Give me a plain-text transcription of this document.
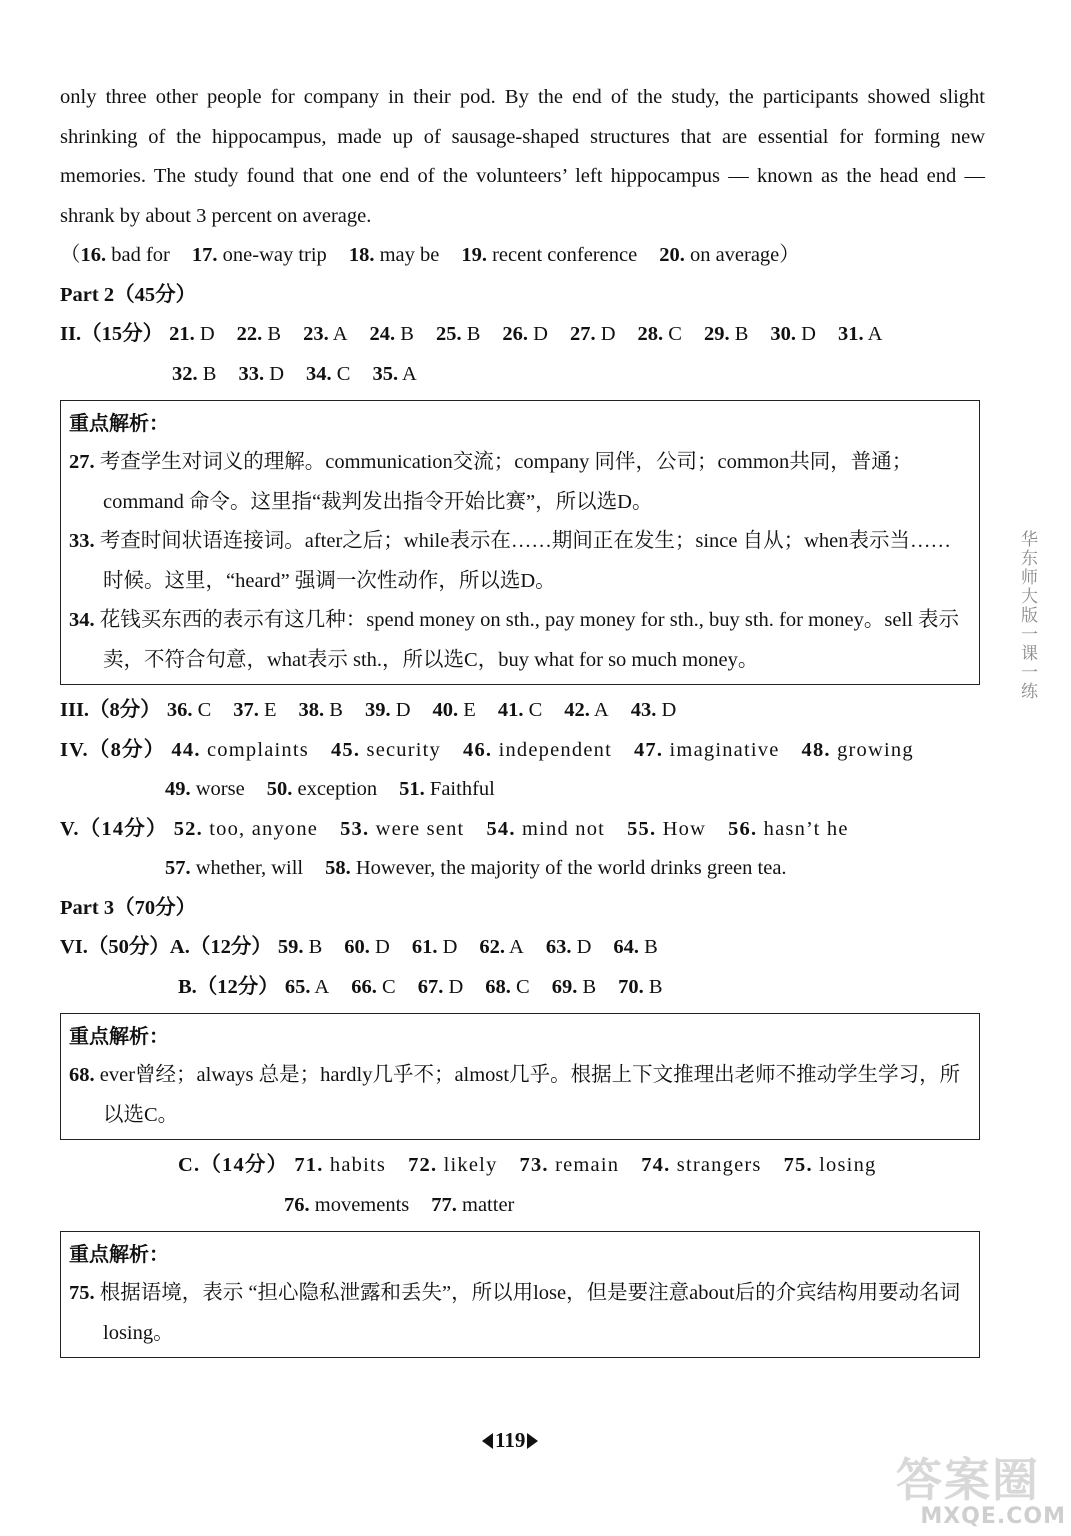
only three other people for company in their pod. By the end of the study, the participants showed slight shrinking of the hippocampus, made up of sausage-shaped structures that are essential for forming new memories. The study found that one end of the volunteers’ left hippocampus — known as the head end — shrank by about 3 percent on average.

（16. bad for 17. one-way trip 18. may be 19. recent conference 20. on average）

Part 2（45分）

II.（15分） 21. D 22. B 23. A 24. B 25. B 26. D 27. D 28. C 29. B 30. D 31. A

32. B 33. D 34. C 35. A

重点解析：

27. 考查学生对词义的理解。communication交流；company 同伴，公司；common共同，普通；command 命令。这里指“裁判发出指令开始比赛”，所以选D。

33. 考查时间状语连接词。after之后；while表示在……期间正在发生；since 自从；when表示当……时候。这里，“heard” 强调一次性动作，所以选D。

34. 花钱买东西的表示有这几种：spend money on sth., pay money for sth., buy sth. for money。sell 表示卖，不符合句意，what表示 sth.，所以选C，buy what for so much money。

III.（8分） 36. C 37. E 38. B 39. D 40. E 41. C 42. A 43. D

IV.（8分） 44. complaints 45. security 46. independent 47. imaginative 48. growing

49. worse 50. exception 51. Faithful

V.（14分） 52. too, anyone 53. were sent 54. mind not 55. How 56. hasn’t he

57. whether, will 58. However, the majority of the world drinks green tea.

Part 3（70分）

VI.（50分）A.（12分） 59. B 60. D 61. D 62. A 63. D 64. B

B.（12分） 65. A 66. C 67. D 68. C 69. B 70. B

重点解析：

68. ever曾经；always 总是；hardly几乎不；almost几乎。根据上下文推理出老师不推动学生学习，所以选C。

C.（14分） 71. habits 72. likely 73. remain 74. strangers 75. losing

76. movements 77. matter

重点解析：

75. 根据语境，表示 “担心隐私泄露和丢失”，所以用lose，但是要注意about后的介宾结构用要动名词losing。

华东师大版一课一练
119
答案圈
MXQE.COM
